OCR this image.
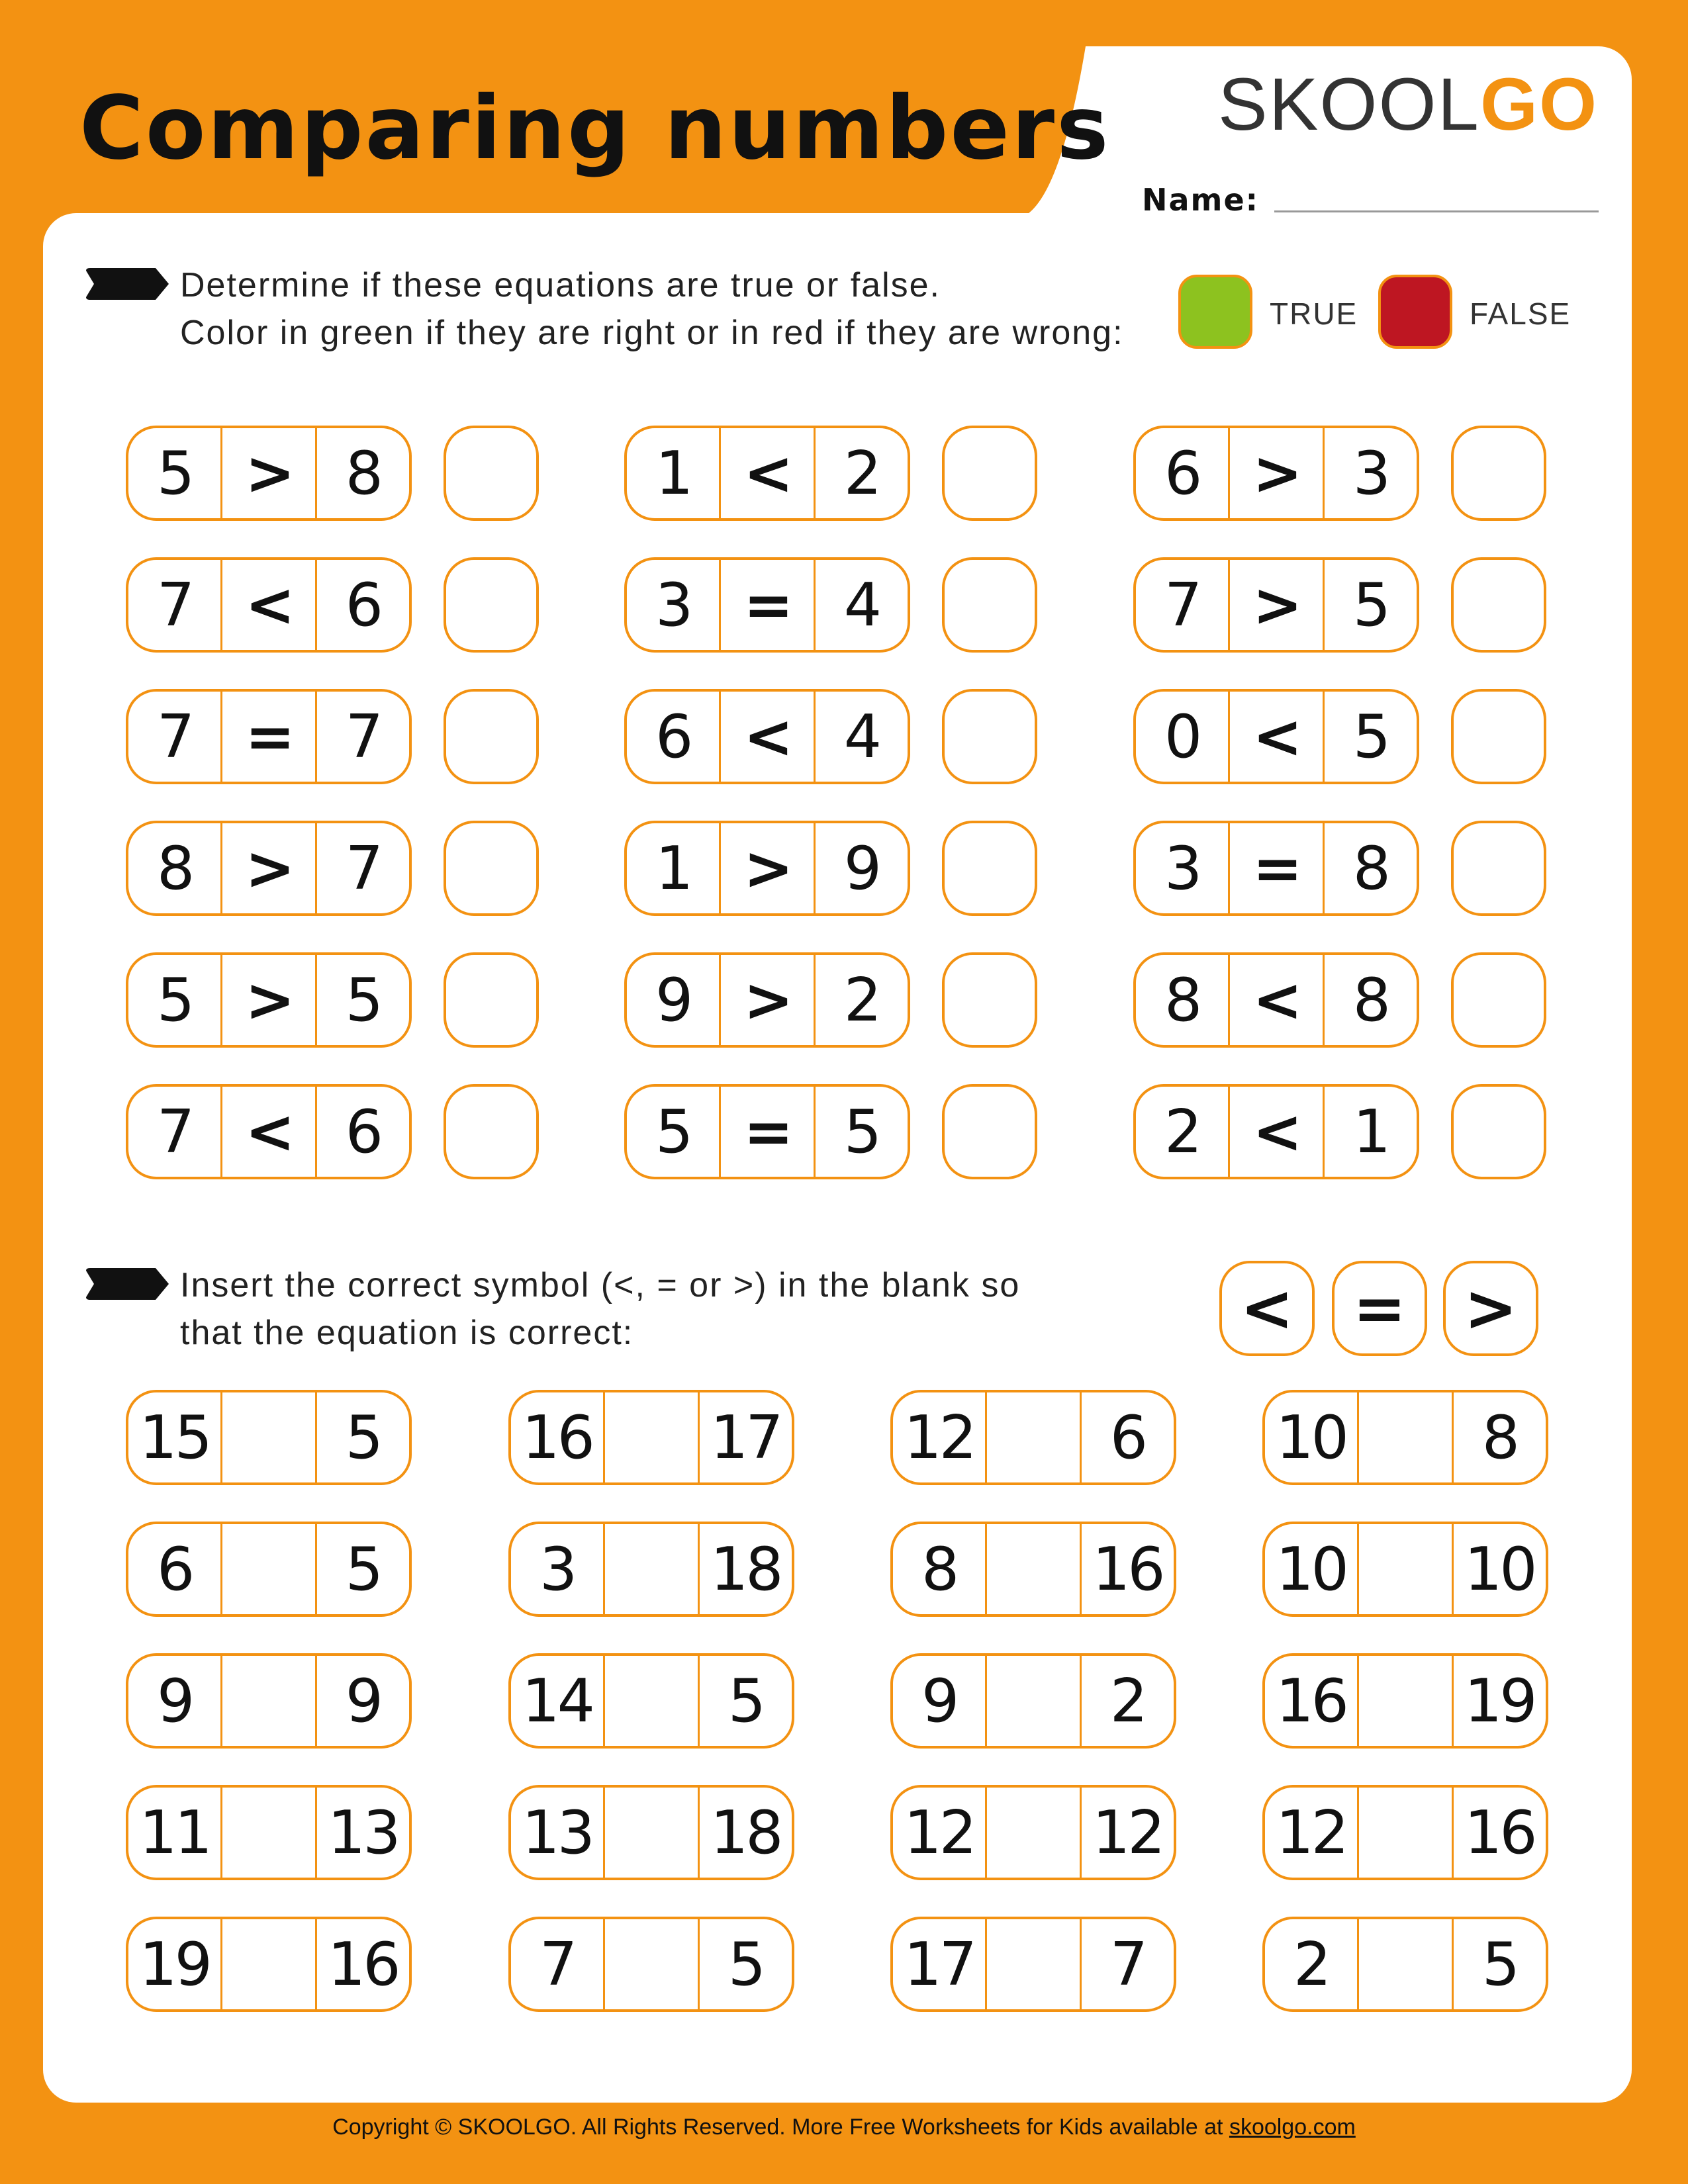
Comparing numbers SKOOL GO
Name:
Determine if these equations are true or false.
Color in green if they are right or in red if they are wrong:	TRUE	FALSE
5 > 8
7 < 6
7 = 7
8 > 7
5 > 5
7 < 6
1 < 2
3 = 4
6 < 4
1 > 9
9 > 2
5 = 5
6 > 3
7 > 5
0 < 5
3 = 8
8 < 8
2 < 1
Insert the correct symbol (<, = or >) in the blank so
that the equation is correct:	< = >
15	5
6	5
9	9
11 13
19 16
16 17
3	18
14	5
13 18
7	5
12	6
8	16
9	2
12 12
17	7
10	8
10 10
16 19
12 16
2	5
Copyright © SKOOLGO. All Rights Reserved. More Free Worksheets for Kids available at skoolgo.com
